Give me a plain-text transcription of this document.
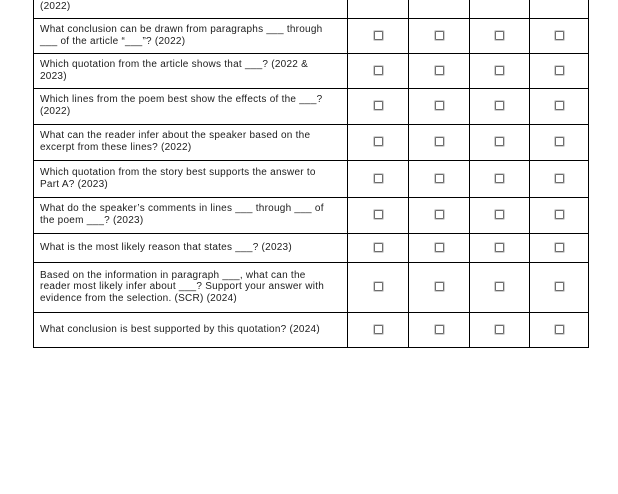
(2022)				

What conclusion can be drawn from paragraphs ___ through ___ of the article “___”? (2022)				

Which quotation from the article shows that ___? (2022 & 2023)				

Which lines from the poem best show the effects of the ___? (2022)				

What can the reader infer about the speaker based on the excerpt from these lines? (2022)				

Which quotation from the story best supports the answer to Part A? (2023)				

What do the speaker’s comments in lines ___ through ___ of the poem ___? (2023)				

What is the most likely reason that states ___? (2023)				

Based on the information in paragraph ___, what can the reader most likely infer about ___? Support your answer with evidence from the selection. (SCR) (2024)				

What conclusion is best supported by this quotation? (2024)				
